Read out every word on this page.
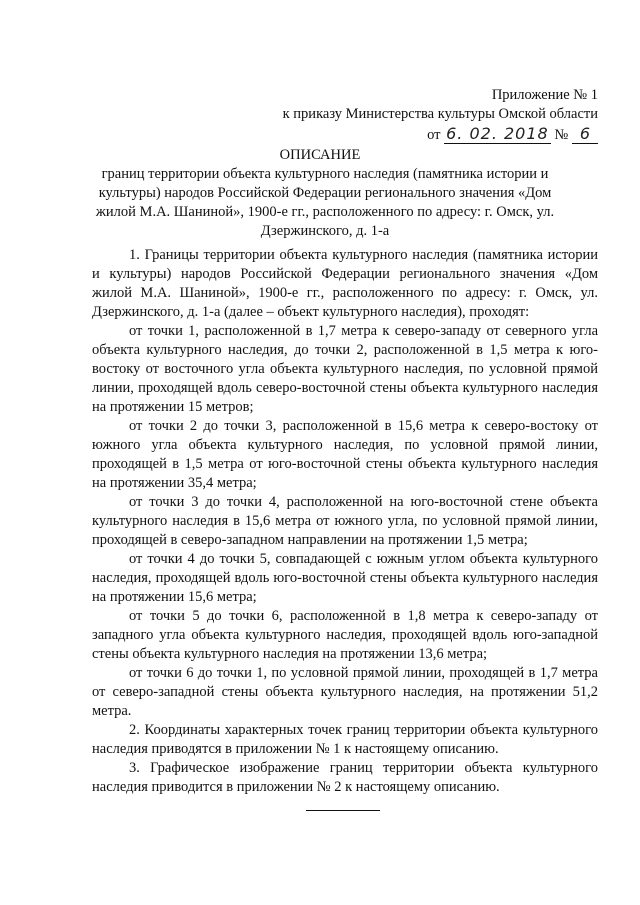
Приложение № 1
к приказу Министерства культуры Омской области
от 6. 02. 2018 № 6
ОПИСАНИЕ
границ территории объекта культурного наследия (памятника истории и культуры) народов Российской Федерации регионального значения «Дом жилой М.А. Шаниной», 1900-е гг., расположенного по адресу: г. Омск, ул. Дзержинского, д. 1-а

1. Границы территории объекта культурного наследия (памятника истории и культуры) народов Российской Федерации регионального значения «Дом жилой М.А. Шаниной», 1900-е гг., расположенного по адресу: г. Омск, ул. Дзержинского, д. 1-а (далее – объект культурного наследия), проходят:

от точки 1, расположенной в 1,7 метра к северо-западу от северного угла объекта культурного наследия, до точки 2, расположенной в 1,5 метра к юго-востоку от восточного угла объекта культурного наследия, по условной прямой линии, проходящей вдоль северо-восточной стены объекта культурного наследия на протяжении 15 метров;

от точки 2 до точки 3, расположенной в 15,6 метра к северо-востоку от южного угла объекта культурного наследия, по условной прямой линии, проходящей в 1,5 метра от юго-восточной стены объекта культурного наследия на протяжении 35,4 метра;

от точки 3 до точки 4, расположенной на юго-восточной стене объекта культурного наследия в 15,6 метра от южного угла, по условной прямой линии, проходящей в северо-западном направлении на протяжении 1,5 метра;

от точки 4 до точки 5, совпадающей с южным углом объекта культурного наследия, проходящей вдоль юго-восточной стены объекта культурного наследия на протяжении 15,6 метра;

от точки 5 до точки 6, расположенной в 1,8 метра к северо-западу от западного угла объекта культурного наследия, проходящей вдоль юго-западной стены объекта культурного наследия на протяжении 13,6 метра;

от точки 6 до точки 1, по условной прямой линии, проходящей в 1,7 метра от северо-западной стены объекта культурного наследия, на протяжении 51,2 метра.

2. Координаты характерных точек границ территории объекта культурного наследия приводятся в приложении № 1 к настоящему описанию.

3. Графическое изображение границ территории объекта культурного наследия приводится в приложении № 2 к настоящему описанию.
